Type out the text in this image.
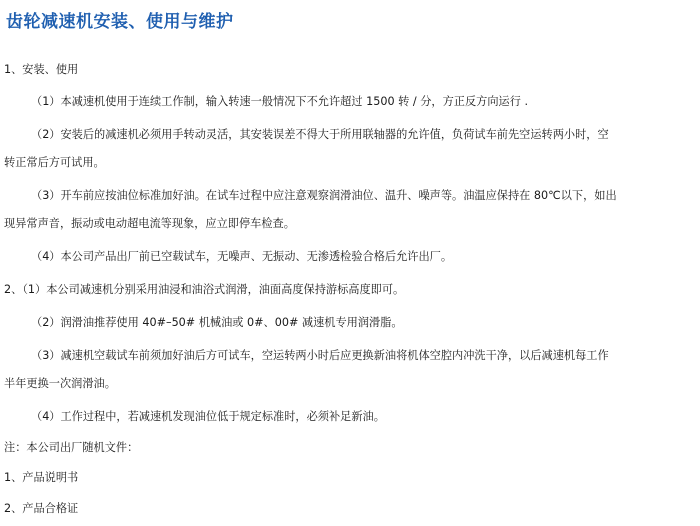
齿轮减速机安装、使用与维护
1、安装、使用
（1）本减速机使用于连续工作制，输入转速一般情况下不允许超过 1500 转 / 分，方正反方向运行 .
（2）安装后的减速机必须用手转动灵活，其安装误差不得大于所用联轴器的允许值，负荷试车前先空运转两小时，空
转正常后方可试用。
（3）开车前应按油位标准加好油。在试车过程中应注意观察润滑油位、温升、噪声等。油温应保持在 80℃以下，如出
现异常声音，振动或电动超电流等现象，应立即停车检查。
（4）本公司产品出厂前已空载试车，无噪声、无振动、无渗透检验合格后允许出厂。
2、（1）本公司减速机分别采用油浸和油浴式润滑，油面高度保持游标高度即可。
（2）润滑油推荐使用 40#–50# 机械油或 0#、00# 减速机专用润滑脂。
（3）减速机空载试车前须加好油后方可试车，空运转两小时后应更换新油将机体空腔内冲洗干净，以后减速机每工作
半年更换一次润滑油。
（4）工作过程中，若减速机发现油位低于规定标准时，必须补足新油。
注：本公司出厂随机文件：
1、产品说明书
2、产品合格证
